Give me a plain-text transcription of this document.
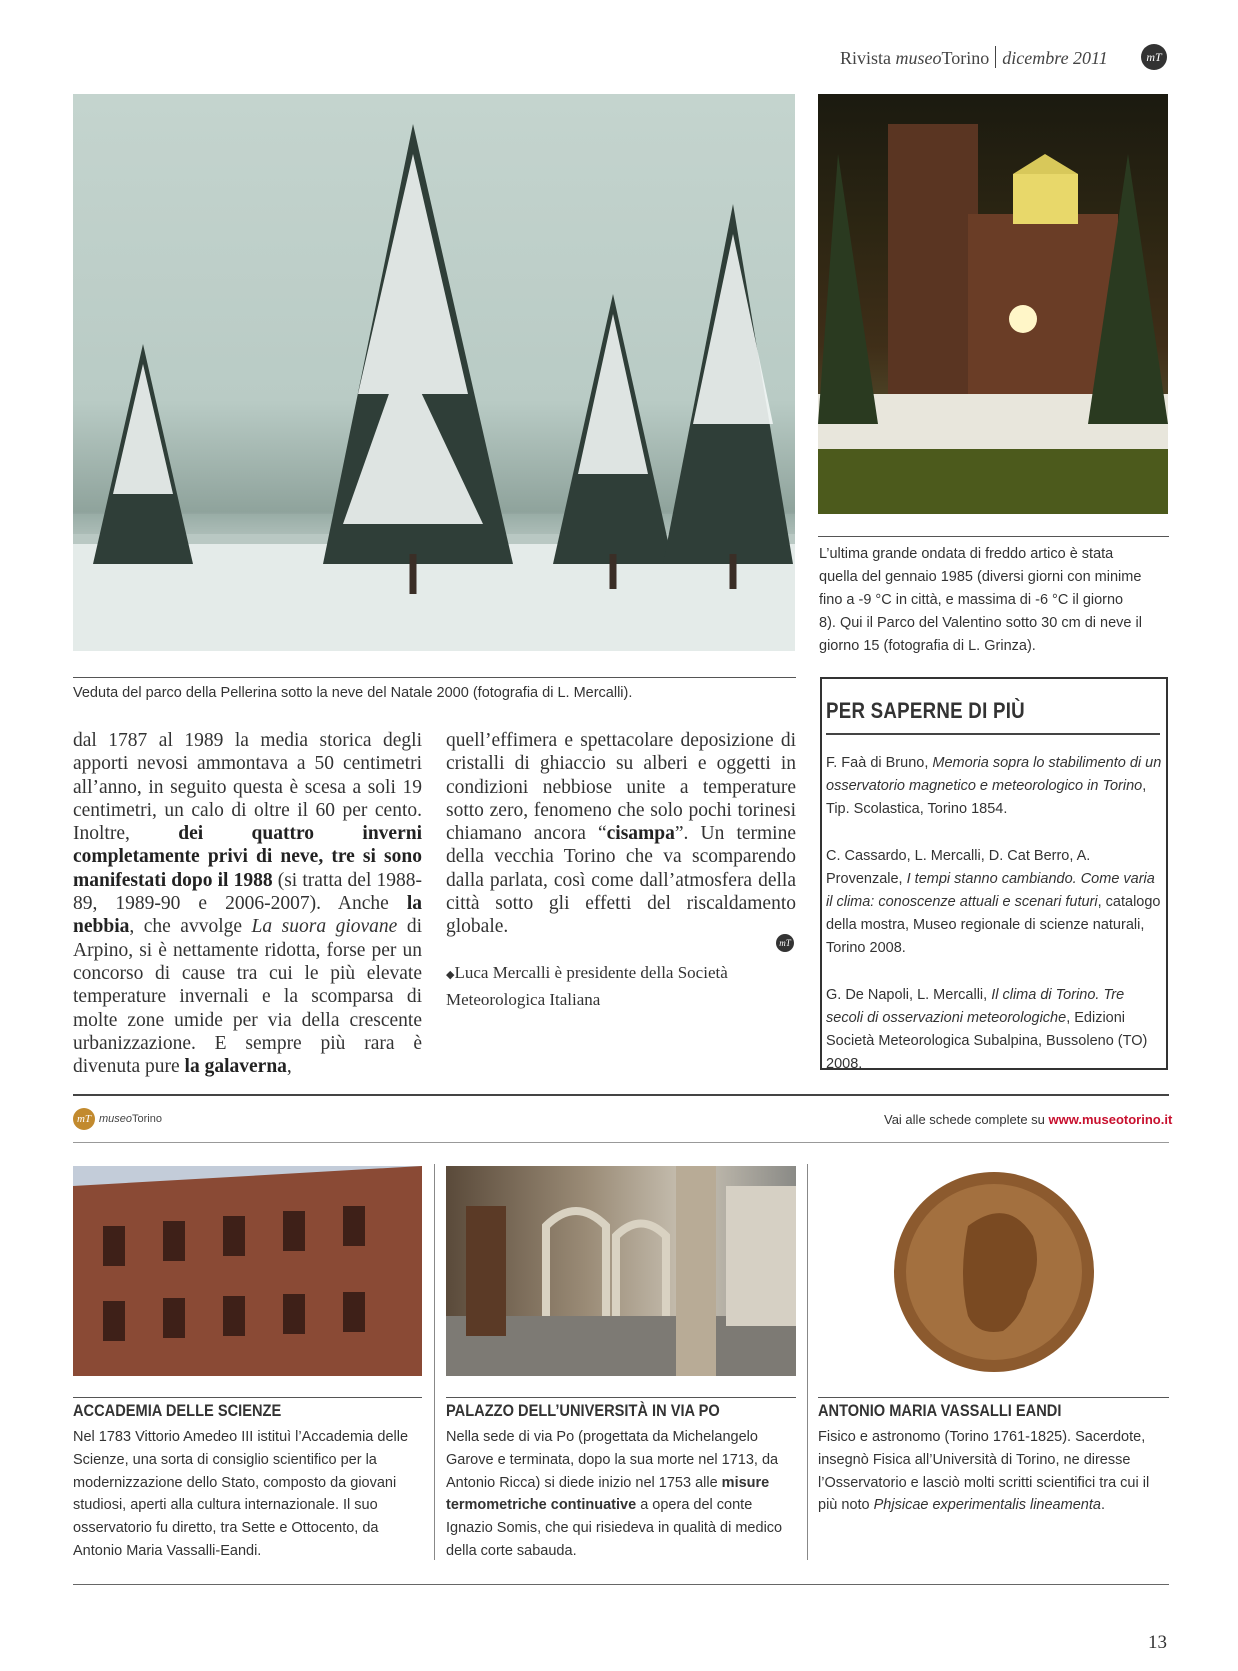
Rivista museoTorino dicembre 2011	mT
Veduta del parco della Pellerina sotto la neve del Natale 2000 (fotografia di L. Mercalli).
L’ultima grande ondata di freddo artico è stata
quella del gennaio 1985 (diversi giorni con minime
fino a -9 °C in città, e massima di -6 °C il giorno
8). Qui il Parco del Valentino sotto 30 cm di neve il
giorno 15 (fotografia di L. Grinza).
dal 1787 al 1989 la media storica degli apporti nevosi ammontava a 50 centimetri all’anno, in seguito questa è scesa a soli 19 centimetri, un calo di oltre il 60 per cento. Inoltre, dei quattro inverni completamente privi di neve, tre si sono manifestati dopo il 1988 (si tratta del 1988-89, 1989-90 e 2006-2007). Anche la nebbia, che avvolge La suora giovane di Arpino, si è nettamente ridotta, forse per un concorso di cause tra cui le più elevate temperature invernali e la scomparsa di molte zone umide per via della crescente urbanizzazione. E sempre più rara è divenuta pure la galaverna,
quell’effimera e spettacolare deposizione di cristalli di ghiaccio su alberi e oggetti in condizioni nebbiose unite a temperature sotto zero, fenomeno che solo pochi torinesi chiamano ancora “cisampa”. Un termine della vecchia Torino che va scomparendo dalla parlata, così come dall’atmosfera della città sotto gli effetti del riscaldamento globale.
mT
◆Luca Mercalli è presidente della Società Meteorologica Italiana
PER SAPERNE DI PIÙ
F. Faà di Bruno, Memoria sopra lo stabilimento di un osservatorio magnetico e meteorologico in Torino, Tip. Scolastica, Torino 1854.
C. Cassardo, L. Mercalli, D. Cat Berro, A. Provenzale, I tempi stanno cambiando. Come varia il clima: conoscenze attuali e scenari futuri, catalogo della mostra, Museo regionale di scienze naturali, Torino 2008.
G. De Napoli, L. Mercalli, Il clima di Torino. Tre secoli di osservazioni meteorologiche, Edizioni Società Meteorologica Subalpina, Bussoleno (TO) 2008.
mT museoTorino	Vai alle schede complete su www.museotorino.it
ACCADEMIA DELLE SCIENZE
Nel 1783 Vittorio Amedeo III istituì l’Accademia delle Scienze, una sorta di consiglio scientifico per la modernizzazione dello Stato, composto da giovani studiosi, aperti alla cultura internazionale. Il suo osservatorio fu diretto, tra Sette e Ottocento, da Antonio Maria Vassalli-Eandi.
PALAZZO DELL’UNIVERSITÀ IN VIA PO
Nella sede di via Po (progettata da Michelangelo Garove e terminata, dopo la sua morte nel 1713, da Antonio Ricca) si diede inizio nel 1753 alle misure termometriche continuative a opera del conte Ignazio Somis, che qui risiedeva in qualità di medico della corte sabauda.
ANTONIO MARIA VASSALLI EANDI
Fisico e astronomo (Torino 1761-1825). Sacerdote, insegnò Fisica all’Università di Torino, ne diresse l’Osservatorio e lasciò molti scritti scientifici tra cui il più noto Phjsicae experimentalis lineamenta.
13
